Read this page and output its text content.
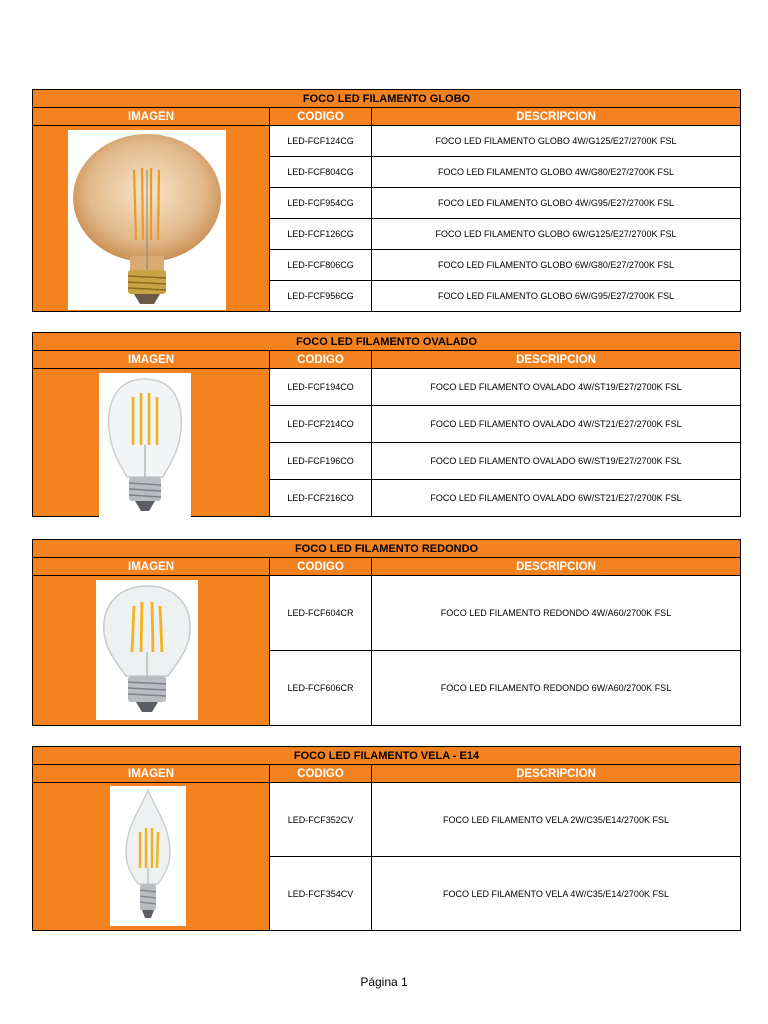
FOCO LED FILAMENTO GLOBO		
IMAGEN	CODIGO	DESCRIPCION

	LED-FCF124CG	FOCO LED FILAMENTO GLOBO 4W/G125/E27/2700K FSL
	LED-FCF804CG	FOCO LED FILAMENTO GLOBO 4W/G80/E27/2700K FSL
	LED-FCF954CG	FOCO LED FILAMENTO GLOBO 4W/G95/E27/2700K FSL
	LED-FCF126CG	FOCO LED FILAMENTO GLOBO 6W/G125/E27/2700K FSL
	LED-FCF806CG	FOCO LED FILAMENTO GLOBO 6W/G80/E27/2700K FSL
	LED-FCF956CG	FOCO LED FILAMENTO GLOBO 6W/G95/E27/2700K FSL
FOCO LED FILAMENTO OVALADO		
IMAGEN	CODIGO	DESCRIPCION

	LED-FCF194CO	FOCO LED FILAMENTO OVALADO 4W/ST19/E27/2700K FSL
	LED-FCF214CO	FOCO LED FILAMENTO OVALADO 4W/ST21/E27/2700K FSL
	LED-FCF196CO	FOCO LED FILAMENTO OVALADO 6W/ST19/E27/2700K FSL
	LED-FCF216CO	FOCO LED FILAMENTO OVALADO 6W/ST21/E27/2700K FSL
FOCO LED FILAMENTO REDONDO		
IMAGEN	CODIGO	DESCRIPCION

	LED-FCF604CR	FOCO LED FILAMENTO REDONDO 4W/A60/2700K FSL
	LED-FCF606CR	FOCO LED FILAMENTO REDONDO 6W/A60/2700K FSL
FOCO LED FILAMENTO VELA - E14		
IMAGEN	CODIGO	DESCRIPCION

	LED-FCF352CV	FOCO LED FILAMENTO VELA 2W/C35/E14/2700K FSL
	LED-FCF354CV	FOCO LED FILAMENTO VELA 4W/C35/E14/2700K FSL
Página 1
